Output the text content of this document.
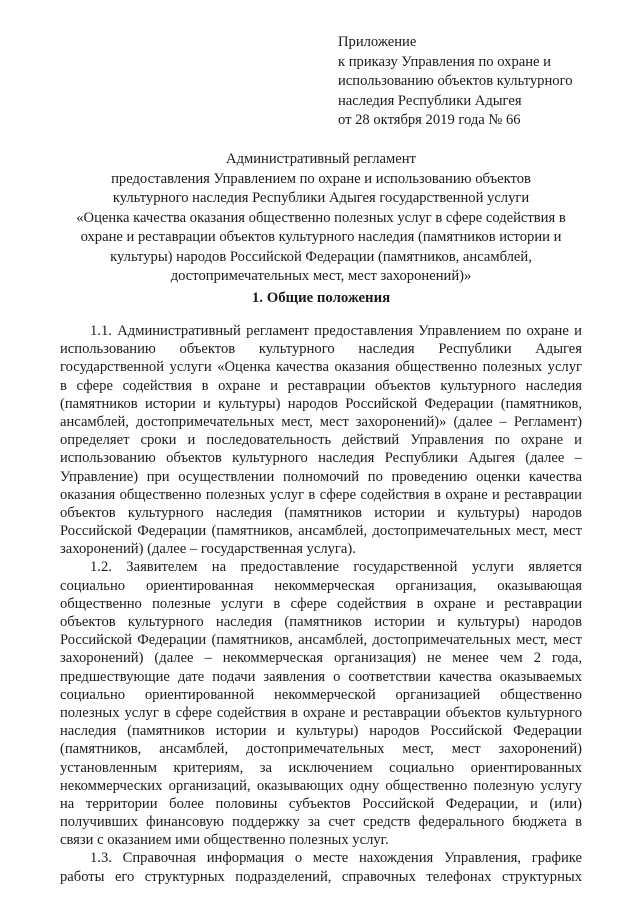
Приложение
к приказу Управления по охране и
использованию объектов культурного
наследия Республики Адыгея
от 28 октября 2019 года № 66
Административный регламент
предоставления Управлением по охране и использованию объектов
культурного наследия Республики Адыгея государственной услуги
«Оценка качества оказания общественно полезных услуг в сфере содействия в
охране и реставрации объектов культурного наследия (памятников истории и
культуры) народов Российской Федерации (памятников, ансамблей,
достопримечательных мест, мест захоронений)»
1. Общие положения
1.1. Административный регламент предоставления Управлением по охране и
использованию объектов культурного наследия Республики Адыгея
государственной услуги «Оценка качества оказания общественно полезных услуг
в сфере содействия в охране и реставрации объектов культурного наследия
(памятников истории и культуры) народов Российской Федерации (памятников,
ансамблей, достопримечательных мест, мест захоронений)» (далее – Регламент)
определяет сроки и последовательность действий Управления по охране и
использованию объектов культурного наследия Республики Адыгея (далее –
Управление) при осуществлении полномочий по проведению оценки качества
оказания общественно полезных услуг в сфере содействия в охране и реставрации
объектов культурного наследия (памятников истории и культуры) народов
Российской Федерации (памятников, ансамблей, достопримечательных мест, мест
захоронений) (далее – государственная услуга).
1.2. Заявителем на предоставление государственной услуги является
социально ориентированная некоммерческая организация, оказывающая
общественно полезные услуги в сфере содействия в охране и реставрации
объектов культурного наследия (памятников истории и культуры) народов
Российской Федерации (памятников, ансамблей, достопримечательных мест, мест
захоронений) (далее – некоммерческая организация) не менее чем 2 года,
предшествующие дате подачи заявления о соответствии качества оказываемых
социально ориентированной некоммерческой организацией общественно
полезных услуг в сфере содействия в охране и реставрации объектов культурного
наследия (памятников истории и культуры) народов Российской Федерации
(памятников, ансамблей, достопримечательных мест, мест захоронений)
установленным критериям, за исключением социально ориентированных
некоммерческих организаций, оказывающих одну общественно полезную услугу
на территории более половины субъектов Российской Федерации, и (или)
получивших финансовую поддержку за счет средств федерального бюджета в
связи с оказанием ими общественно полезных услуг.
1.3. Справочная информация о месте нахождения Управления, графике
работы его структурных подразделений, справочных телефонах структурных
